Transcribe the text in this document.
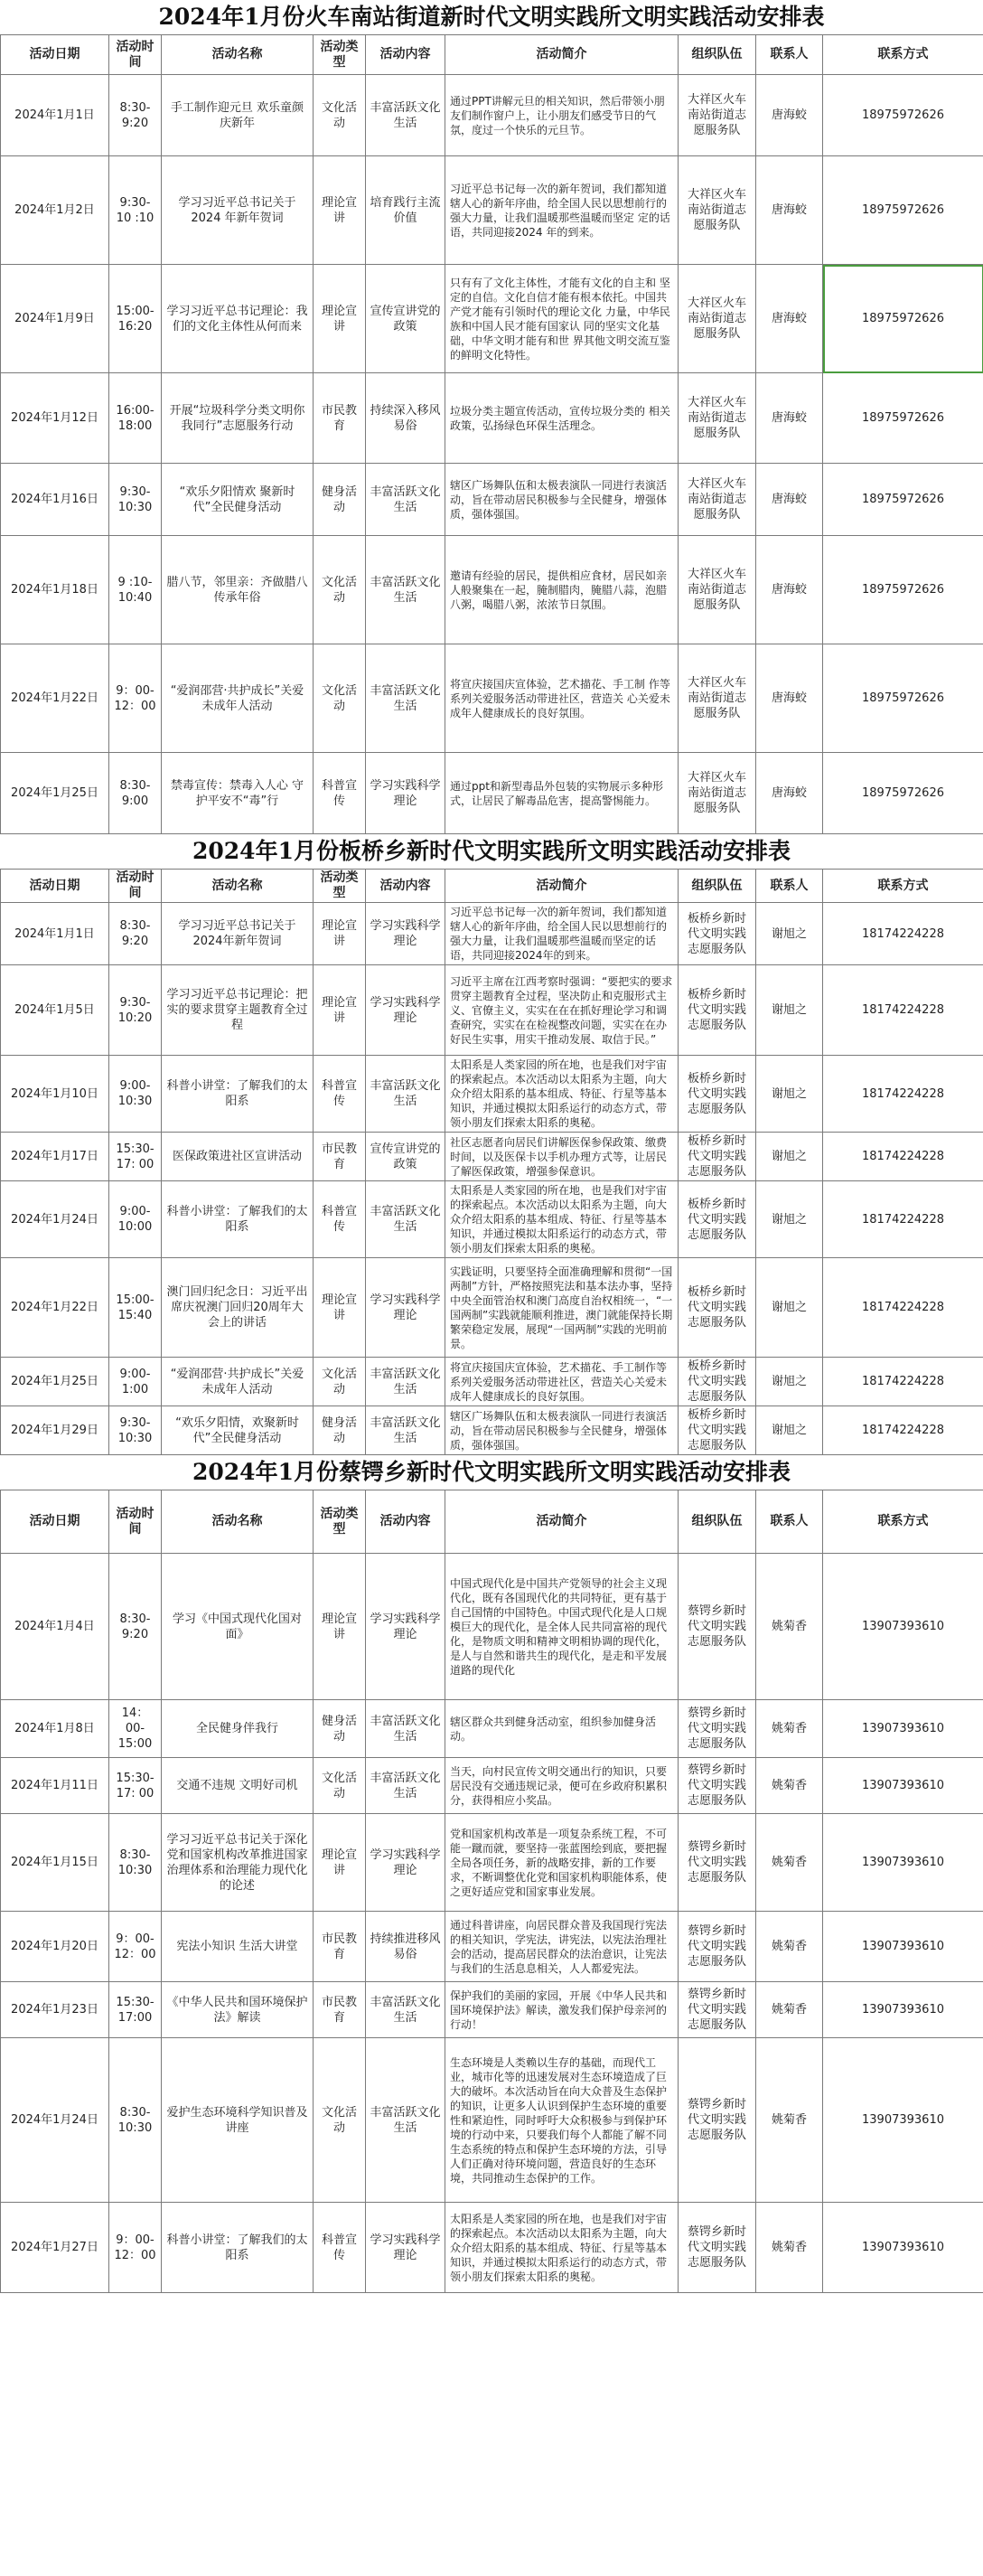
2024年1月份火车南站街道新时代文明实践所文明实践活动安排表
活动日期	活动时间	活动名称	活动类型	活动内容	活动简介	组织队伍	联系人	联系方式
2024年1月1日	8:30-9:20	手工制作迎元旦 欢乐童颜庆新年	文化活动	丰富活跃文化生活	通过PPT讲解元旦的相关知识，然后带领小朋友们制作窗户上，让小朋友们感受节日的气氛，度过一个快乐的元旦节。	大祥区火车南站街道志愿服务队	唐海蛟	18975972626
2024年1月2日	9:30-10 :10	学习习近平总书记关于 2024 年新年贺词	理论宣讲	培育践行主流价值	习近平总书记每一次的新年贺词，我们都知道 辖人心的新年序曲，给全国人民以思想前行的强大力量，让我们温暖那些温暖而坚定 定的话语，共同迎接2024 年的到来。	大祥区火车南站街道志愿服务队	唐海蛟	18975972626
2024年1月9日	15:00-16:20	学习习近平总书记理论：我们的文化主体性从何而来	理论宣讲	宣传宣讲党的政策	只有有了文化主体性，才能有文化的自主和 坚定的自信。文化自信才能有根本依托。中国共产党才能有引领时代的理论文化 力量，中华民族和中国人民才能有国家认 同的坚实文化基础，中华文明才能有和世 界其他文明交流互鉴的鲜明文化特性。	大祥区火车南站街道志愿服务队	唐海蛟	18975972626
2024年1月12日	16:00-18:00	开展“垃圾科学分类文明你我同行”志愿服务行动	市民教育	持续深入移风易俗	垃圾分类主题宣传活动，宣传垃圾分类的 相关政策，弘扬绿色环保生活理念。	大祥区火车南站街道志愿服务队	唐海蛟	18975972626
2024年1月16日	9:30-10:30	“欢乐夕阳情欢 聚新时代”全民健身活动	健身活动	丰富活跃文化生活	辖区广场舞队伍和太极表演队一同进行表演活动，旨在带动居民积极参与全民健身，增强体质，强体强国。	大祥区火车南站街道志愿服务队	唐海蛟	18975972626
2024年1月18日	9 :10-10:40	腊八节，邻里亲：齐做腊八 传承年俗	文化活动	丰富活跃文化生活	邀请有经验的居民，提供相应食材，居民如亲人般聚集在一起，腌制腊肉，腌腊八蒜，泡腊八粥，喝腊八粥，浓浓节日氛围。	大祥区火车南站街道志愿服务队	唐海蛟	18975972626
2024年1月22日	9：00-12：00	“爱润邵营·共护成长”关爱未成年人活动	文化活动	丰富活跃文化生活	将宣庆接国庆宣体验，艺术描花、手工制 作等系列关爱服务活动带进社区，营造关 心关爱未成年人健康成长的良好氛围。	大祥区火车南站街道志愿服务队	唐海蛟	18975972626
2024年1月25日	8:30-9:00	禁毒宣传：禁毒入人心 守护平安不“毒”行	科普宣传	学习实践科学理论	通过ppt和新型毒品外包装的实物展示多种形式，让居民了解毒品危害，提高警惕能力。	大祥区火车南站街道志愿服务队	唐海蛟	18975972626
2024年1月份板桥乡新时代文明实践所文明实践活动安排表
活动日期	活动时间	活动名称	活动类型	活动内容	活动简介	组织队伍	联系人	联系方式
2024年1月1日	8:30-9:20	学习习近平总书记关于2024年新年贺词	理论宣讲	学习实践科学理论	习近平总书记每一次的新年贺词，我们都知道 辖人心的新年序曲，给全国人民以思想前行的强大力量，让我们温暖那些温暖而坚定的话语，共同迎接2024年的到来。	板桥乡新时代文明实践志愿服务队	谢旭之	18174224228
2024年1月5日	9:30-10:20	学习习近平总书记理论：把实的要求贯穿主题教育全过程	理论宣讲	学习实践科学理论	习近平主席在江西考察时强调：“要把实的要求贯穿主题教育全过程，坚决防止和克服形式主义、官僚主义，实实在在在抓好理论学习和调查研究，实实在在检视整改问题，实实在在办好民生实事，用实干推动发展、取信于民。”	板桥乡新时代文明实践志愿服务队	谢旭之	18174224228
2024年1月10日	9:00-10:30	科普小讲堂：了解我们的太阳系	科普宣传	丰富活跃文化生活	太阳系是人类家园的所在地，也是我们对宇宙的探索起点。本次活动以太阳系为主题，向大众介绍太阳系的基本组成、特征、行星等基本知识，并通过模拟太阳系运行的动态方式，带领小朋友们探索太阳系的奥秘。	板桥乡新时代文明实践志愿服务队	谢旭之	18174224228
2024年1月17日	15:30-17: 00	医保政策进社区宣讲活动	市民教育	宣传宣讲党的政策	社区志愿者向居民们讲解医保参保政策、缴费时间，以及医保卡以手机办理方式等，让居民了解医保政策，增强参保意识。	板桥乡新时代文明实践志愿服务队	谢旭之	18174224228
2024年1月24日	9:00-10:00	科普小讲堂：了解我们的太阳系	科普宣传	丰富活跃文化生活	太阳系是人类家园的所在地，也是我们对宇宙的探索起点。本次活动以太阳系为主题，向大众介绍太阳系的基本组成、特征、行星等基本知识，并通过模拟太阳系运行的动态方式，带领小朋友们探索太阳系的奥秘。	板桥乡新时代文明实践志愿服务队	谢旭之	18174224228
2024年1月22日	15:00-15:40	澳门回归纪念日：习近平出席庆祝澳门回归20周年大会上的讲话	理论宣讲	学习实践科学理论	实践证明，只要坚持全面准确理解和贯彻“一国两制”方针，严格按照宪法和基本法办事，坚持中央全面管治权和澳门高度自治权相统一，“一国两制”实践就能顺利推进，澳门就能保持长期繁荣稳定发展，展现“一国两制”实践的光明前景。	板桥乡新时代文明实践志愿服务队	谢旭之	18174224228
2024年1月25日	9:00-1:00	“爱润邵营·共护成长”关爱未成年人活动	文化活动	丰富活跃文化生活	将宣庆接国庆宣体验，艺术描花、手工制作等系列关爱服务活动带进社区，营造关心关爱未成年人健康成长的良好氛围。	板桥乡新时代文明实践志愿服务队	谢旭之	18174224228
2024年1月29日	9:30-10:30	“欢乐夕阳情，欢聚新时代”全民健身活动	健身活动	丰富活跃文化生活	辖区广场舞队伍和太极表演队一同进行表演活动，旨在带动居民积极参与全民健身，增强体质，强体强国。	板桥乡新时代文明实践志愿服务队	谢旭之	18174224228
2024年1月份蔡锷乡新时代文明实践所文明实践活动安排表
活动日期	活动时间	活动名称	活动类型	活动内容	活动简介	组织队伍	联系人	联系方式
2024年1月4日	8:30-9:20	学习《中国式现代化国对面》	理论宣讲	学习实践科学理论	中国式现代化是中国共产党领导的社会主义现代化，既有各国现代化的共同特征，更有基于自己国情的中国特色。中国式现代化是人口规模巨大的现代化，是全体人民共同富裕的现代化，是物质文明和精神文明相协调的现代化，是人与自然和谐共生的现代化，是走和平发展道路的现代化	蔡锷乡新时代文明实践志愿服务队	姚菊香	13907393610
2024年1月8日	14：00-15:00	全民健身伴我行	健身活动	丰富活跃文化生活	辖区群众共到健身活动室，组织参加健身活动。	蔡锷乡新时代文明实践志愿服务队	姚菊香	13907393610
2024年1月11日	15:30-17: 00	交通不违规 文明好司机	文化活动	丰富活跃文化生活	当天，向村民宣传文明交通出行的知识，只要居民没有交通违规记录，便可在乡政府积累积分，获得相应小奖品。	蔡锷乡新时代文明实践志愿服务队	姚菊香	13907393610
2024年1月15日	8:30-10:30	学习习近平总书记关于深化党和国家机构改革推进国家治理体系和治理能力现代化的论述	理论宣讲	学习实践科学理论	党和国家机构改革是一项复杂系统工程，不可能一蹴而就，要坚持一张蓝图绘到底，要把握全局各项任务，新的战略安排，新的工作要求，不断调整优化党和国家机构职能体系，使之更好适应党和国家事业发展。	蔡锷乡新时代文明实践志愿服务队	姚菊香	13907393610
2024年1月20日	9：00-12：00	宪法小知识 生活大讲堂	市民教育	持续推进移风易俗	通过科普讲座，向居民群众普及我国现行宪法的相关知识，学宪法，讲宪法，以宪法治理社会的活动，提高居民群众的法治意识，让宪法与我们的生活息息相关，人人都爱宪法。	蔡锷乡新时代文明实践志愿服务队	姚菊香	13907393610
2024年1月23日	15:30-17:00	《中华人民共和国环境保护法》解读	市民教育	丰富活跃文化生活	保护我们的美丽的家园，开展《中华人民共和国环境保护法》解读，激发我们保护母亲河的行动！	蔡锷乡新时代文明实践志愿服务队	姚菊香	13907393610
2024年1月24日	8:30-10:30	爱护生态环境科学知识普及讲座	文化活动	丰富活跃文化生活	生态环境是人类赖以生存的基础，而现代工业，城市化等的迅速发展对生态环境造成了巨大的破坏。本次活动旨在向大众普及生态保护的知识，让更多人认识到保护生态环境的重要性和紧迫性，同时呼吁大众积极参与到保护环境的行动中来，只要我们每个人都能了解不同生态系统的特点和保护生态环境的方法，引导人们正确对待环境问题，营造良好的生态环境，共同推动生态保护的工作。	蔡锷乡新时代文明实践志愿服务队	姚菊香	13907393610
2024年1月27日	9：00-12：00	科普小讲堂：了解我们的太阳系	科普宣传	学习实践科学理论	太阳系是人类家园的所在地，也是我们对宇宙的探索起点。本次活动以太阳系为主题，向大众介绍太阳系的基本组成、特征、行星等基本知识，并通过模拟太阳系运行的动态方式，带领小朋友们探索太阳系的奥秘。	蔡锷乡新时代文明实践志愿服务队	姚菊香	13907393610
